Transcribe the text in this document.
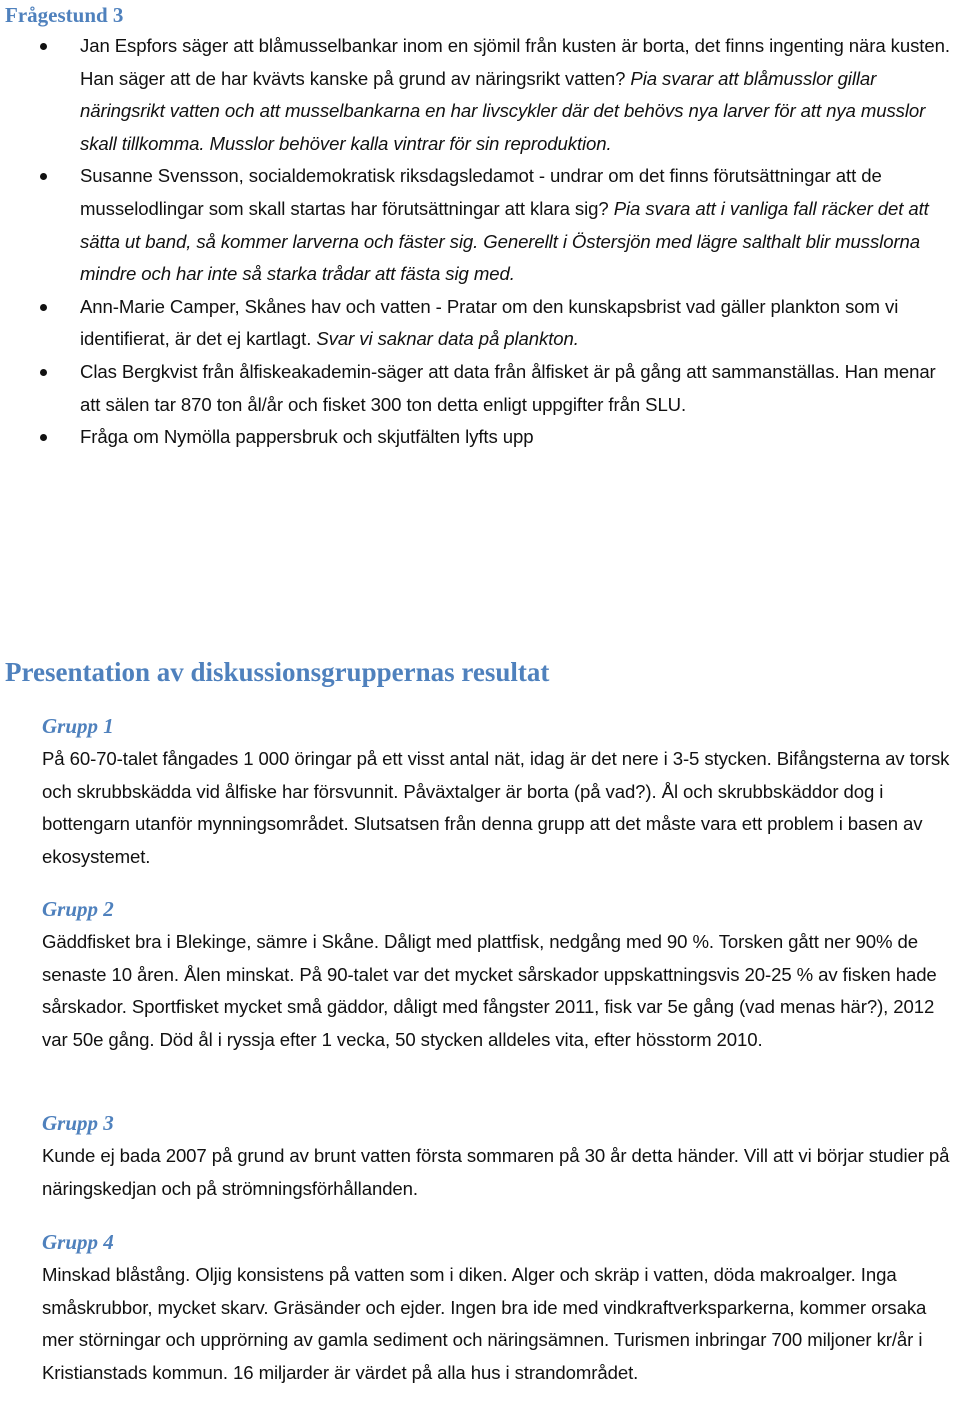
Frågestund 3
Jan Espfors säger att blåmusselbankar inom en sjömil från kusten är borta, det finns ingenting nära kusten. Han säger att de har kvävts kanske på grund av näringsrikt vatten? Pia svarar att blåmusslor gillar näringsrikt vatten och att musselbankarna en har livscykler där det behövs nya larver för att nya musslor skall tillkomma. Musslor behöver kalla vintrar för sin reproduktion.
Susanne Svensson, socialdemokratisk riksdagsledamot - undrar om det finns förutsättningar att de musselodlingar som skall startas har förutsättningar att klara sig? Pia svara att i vanliga fall räcker det att sätta ut band, så kommer larverna och fäster sig. Generellt i Östersjön med lägre salthalt blir musslorna mindre och har inte så starka trådar att fästa sig med.
Ann-Marie Camper, Skånes hav och vatten - Pratar om den kunskapsbrist vad gäller plankton som vi identifierat, är det ej kartlagt. Svar vi saknar data på plankton.
Clas Bergkvist från ålfiskeakademin-säger att data från ålfisket är på gång att sammanställas. Han menar att sälen tar 870 ton ål/år och fisket 300 ton detta enligt uppgifter från SLU.
Fråga om Nymölla pappersbruk och skjutfälten lyfts upp
Presentation av diskussionsgruppernas resultat
Grupp 1

På 60-70-talet fångades 1 000 öringar på ett visst antal nät, idag är det nere i 3-5 stycken. Bifångsterna av torsk och skrubbskädda vid ålfiske har försvunnit. Påväxtalger är borta (på vad?). Ål och skrubbskäddor dog i bottengarn utanför mynningsområdet. Slutsatsen från denna grupp att det måste vara ett problem i basen av ekosystemet.

Grupp 2

Gäddfisket bra i Blekinge, sämre i Skåne. Dåligt med plattfisk, nedgång med 90 %. Torsken gått ner 90% de senaste 10 åren. Ålen minskat. På 90-talet var det mycket sårskador uppskattningsvis 20-25 % av fisken hade sårskador. Sportfisket mycket små gäddor, dåligt med fångster 2011, fisk var 5e gång (vad menas här?), 2012 var 50e gång. Död ål i ryssja efter 1 vecka, 50 stycken alldeles vita, efter hösstorm 2010.

Grupp 3

Kunde ej bada 2007 på grund av brunt vatten första sommaren på 30 år detta händer. Vill att vi börjar studier på näringskedjan och på strömningsförhållanden.

Grupp 4

Minskad blåstång. Oljig konsistens på vatten som i diken. Alger och skräp i vatten, döda makroalger. Inga småskrubbor, mycket skarv. Gräsänder och ejder. Ingen bra ide med vindkraftverksparkerna, kommer orsaka mer störningar och upprörning av gamla sediment och näringsämnen. Turismen inbringar 700 miljoner kr/år i Kristianstads kommun. 16 miljarder är värdet på alla hus i strandområdet.
